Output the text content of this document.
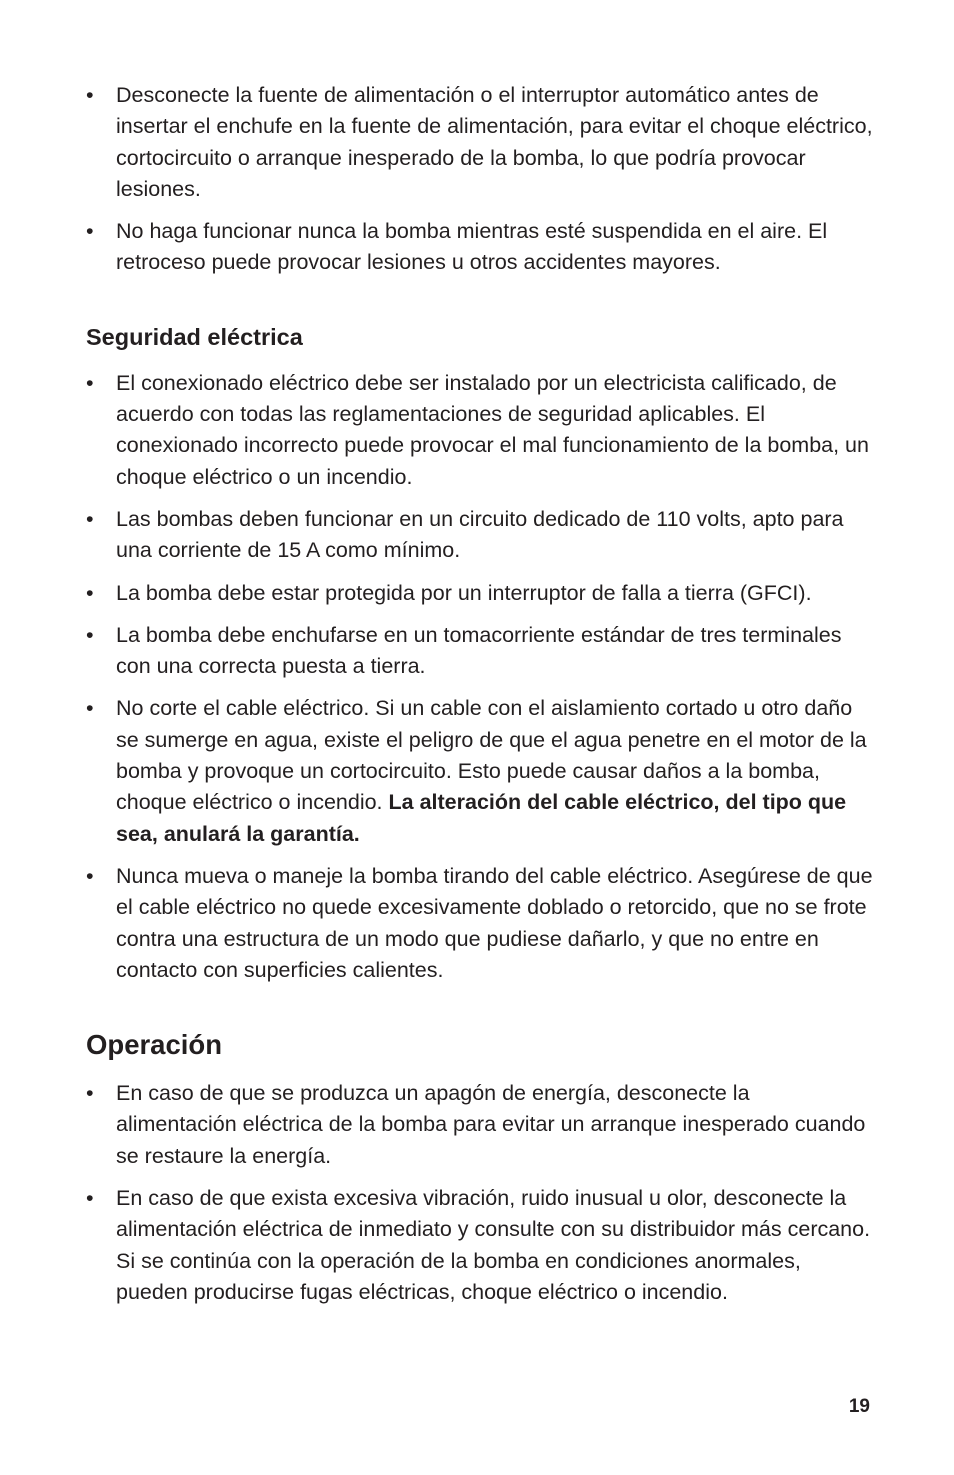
•
Desconecte la fuente de alimentación o el interruptor automático antes de insertar el enchufe en la fuente de alimentación, para evitar el choque eléctrico, cortocircuito o arranque inesperado de la bomba, lo que podría provocar lesiones.
•
No haga funcionar nunca la bomba mientras esté suspendida en el aire. El retroceso puede provocar lesiones u otros accidentes mayores.
Seguridad eléctrica
•
El conexionado eléctrico debe ser instalado por un electricista calificado, de acuerdo con todas las reglamentaciones de seguridad aplicables. El conexionado incorrecto puede provocar el mal funcionamiento de la bomba, un choque eléctrico o un incendio.
•
Las bombas deben funcionar en un circuito dedicado de 110 volts, apto para una corriente de 15 A como mínimo.
•
La bomba debe estar protegida por un interruptor de falla a tierra (GFCI).
•
La bomba debe enchufarse en un tomacorriente estándar de tres terminales con una correcta puesta a tierra.
•
No corte el cable eléctrico. Si un cable con el aislamiento cortado u otro daño se sumerge en agua, existe el peligro de que el agua penetre en el motor de la bomba y provoque un cortocircuito. Esto puede causar daños a la bomba, choque eléctrico o incendio. La alteración del cable eléctrico, del tipo que sea, anulará la garantía.
•
Nunca mueva o maneje la bomba tirando del cable eléctrico. Asegúrese de que el cable eléctrico no quede excesivamente doblado o retorcido, que no se frote contra una estructura de un modo que pudiese dañarlo, y que no entre en contacto con superficies calientes.
Operación
•
En caso de que se produzca un apagón de energía, desconecte la alimentación eléctrica de la bomba para evitar un arranque inesperado cuando se restaure la energía.
•
En caso de que exista excesiva vibración, ruido inusual u olor, desconecte la alimentación eléctrica de inmediato y consulte con su distribuidor más cercano. Si se continúa con la operación de la bomba en condiciones anormales, pueden producirse fugas eléctricas, choque eléctrico o incendio.
19
